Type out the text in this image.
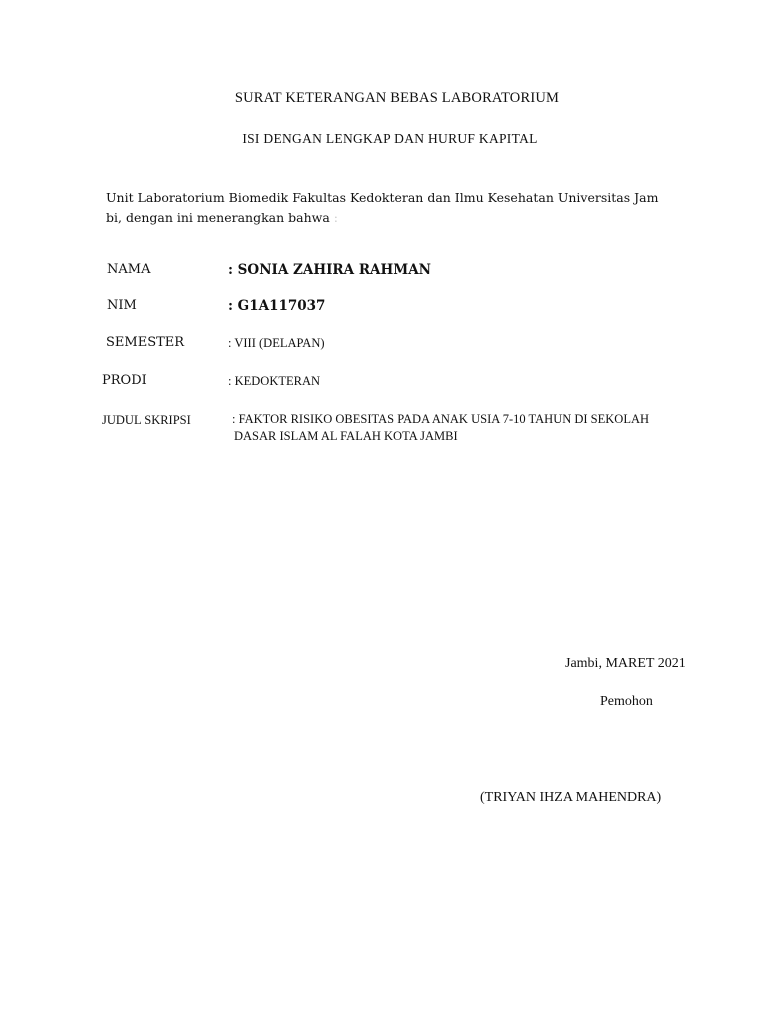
SURAT KETERANGAN BEBAS LABORATORIUM
ISI DENGAN LENGKAP DAN HURUF KAPITAL
Unit Laboratorium Biomedik Fakultas Kedokteran dan Ilmu Kesehatan Universitas Jam
bi, dengan ini menerangkan bahwa :
NAMA	: SONIA ZAHIRA RAHMAN
NIM	: G1A117037
SEMESTER	: VIII (DELAPAN)
PRODI	: KEDOKTERAN
JUDUL SKRIPSI	: FAKTOR RISIKO OBESITAS PADA ANAK USIA 7-10 TAHUN DI SEKOLAH
DASAR ISLAM AL FALAH KOTA JAMBI
Jambi, MARET 2021
Pemohon
(TRIYAN IHZA MAHENDRA)
